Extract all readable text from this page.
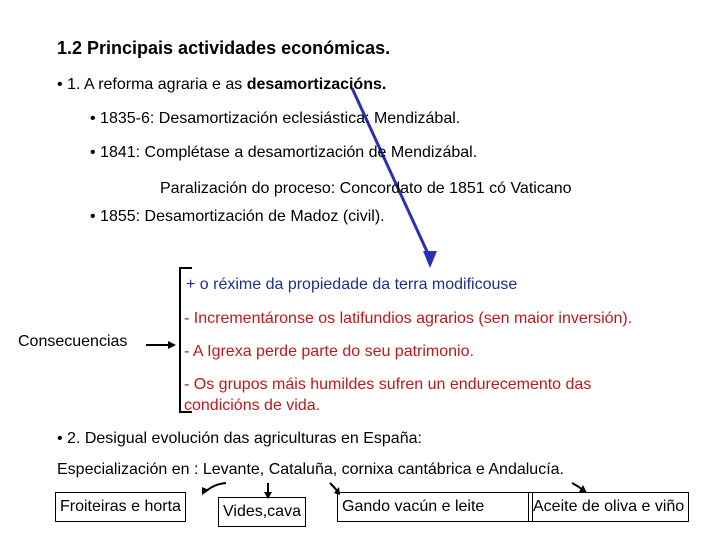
1.2 Principais actividades económicas.
• 1. A reforma agraria e as desamortizacións.
• 1835-6: Desamortización eclesiástica: Mendizábal.
• 1841: Complétase a desamortización de Mendizábal.
Paralización do proceso: Concordato de 1851 có Vaticano
• 1855: Desamortización de Madoz (civil).
+ o réxime da propiedade da terra modificouse
- Incrementáronse os latifundios agrarios (sen maior inversión).
- A Igrexa perde parte do seu patrimonio.
- Os grupos máis humildes sufren un endurecemento das condicións de vida.
Consecuencias
• 2. Desigual evolución das agriculturas en España:
Especialización en : Levante, Cataluña, cornixa cantábrica e Andalucía.
Froiteiras e horta	Vides,cava	Gando vacún e leite	Aceite de oliva e viño
